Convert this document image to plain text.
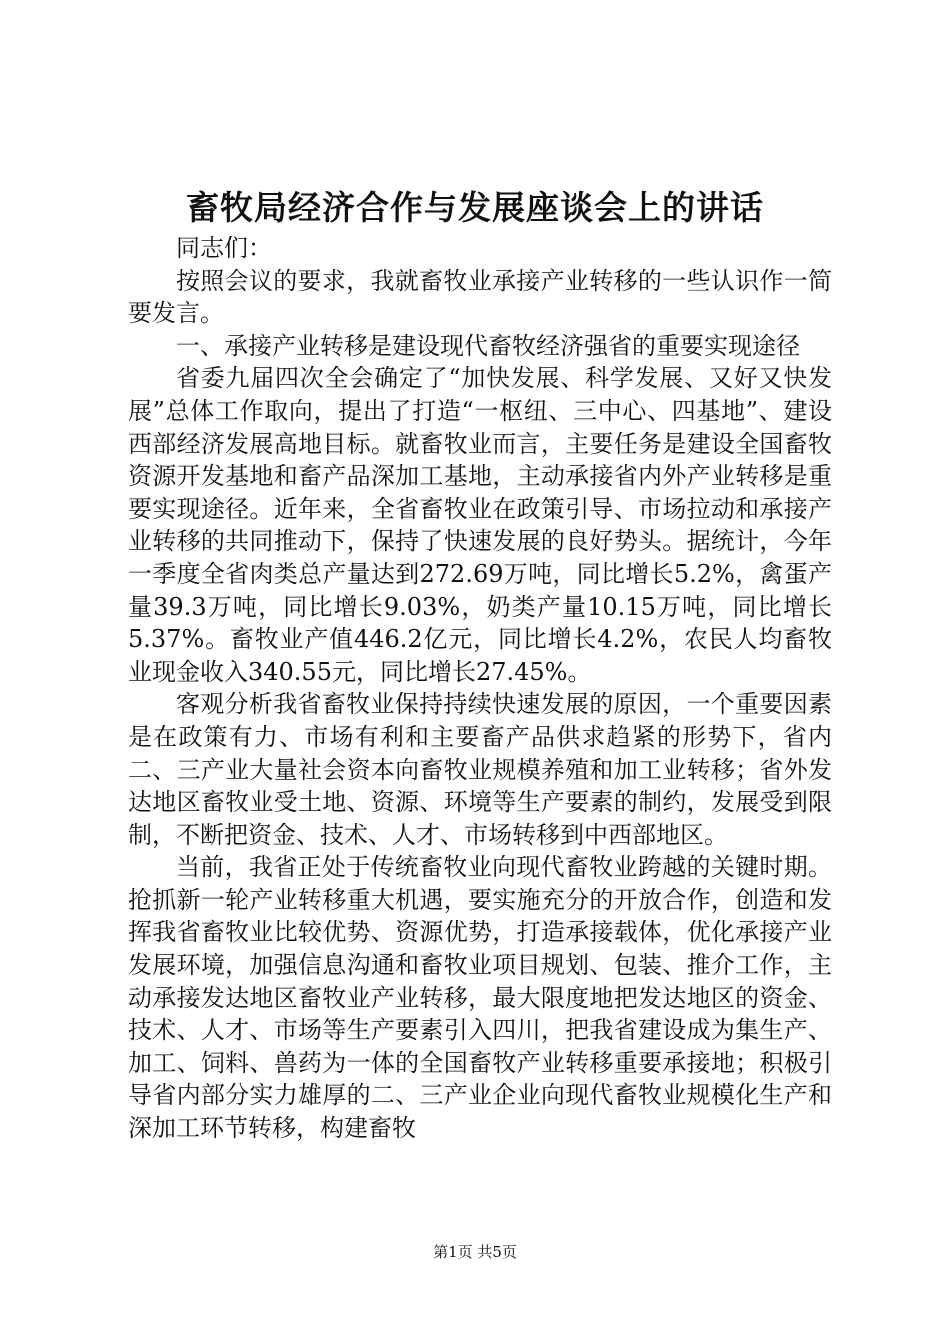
畜牧局经济合作与发展座谈会上的讲话

同志们：

按照会议的要求，我就畜牧业承接产业转移的一些认识作一简要发言。

一、承接产业转移是建设现代畜牧经济强省的重要实现途径

省委九届四次全会确定了“加快发展、科学发展、又好又快发展”总体工作取向，提出了打造“一枢纽、三中心、四基地”、建设西部经济发展高地目标。就畜牧业而言，主要任务是建设全国畜牧资源开发基地和畜产品深加工基地，主动承接省内外产业转移是重要实现途径。近年来，全省畜牧业在政策引导、市场拉动和承接产业转移的共同推动下，保持了快速发展的良好势头。据统计，今年一季度全省肉类总产量达到272.69万吨，同比增长5.2%，禽蛋产量39.3万吨，同比增长9.03%，奶类产量10.15万吨，同比增长5.37%。畜牧业产值446.2亿元，同比增长4.2%，农民人均畜牧业现金收入340.55元，同比增长27.45%。

客观分析我省畜牧业保持持续快速发展的原因，一个重要因素是在政策有力、市场有利和主要畜产品供求趋紧的形势下，省内二、三产业大量社会资本向畜牧业规模养殖和加工业转移；省外发达地区畜牧业受土地、资源、环境等生产要素的制约，发展受到限制，不断把资金、技术、人才、市场转移到中西部地区。

当前，我省正处于传统畜牧业向现代畜牧业跨越的关键时期。抢抓新一轮产业转移重大机遇，要实施充分的开放合作，创造和发挥我省畜牧业比较优势、资源优势，打造承接载体，优化承接产业发展环境，加强信息沟通和畜牧业项目规划、包装、推介工作，主动承接发达地区畜牧业产业转移，最大限度地把发达地区的资金、技术、人才、市场等生产要素引入四川，把我省建设成为集生产、加工、饲料、兽药为一体的全国畜牧产业转移重要承接地；积极引导省内部分实力雄厚的二、三产业企业向现代畜牧业规模化生产和深加工环节转移，构建畜牧

第1页 共5页
